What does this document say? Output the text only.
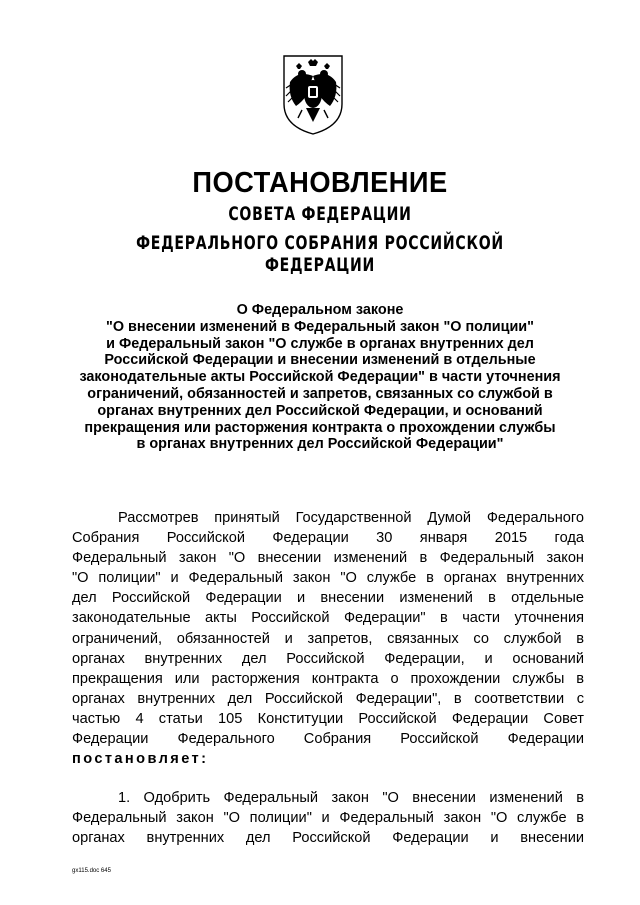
ПОСТАНОВЛЕНИЕ
СОВЕТА ФЕДЕРАЦИИ
ФЕДЕРАЛЬНОГО СОБРАНИЯ РОССИЙСКОЙ ФЕДЕРАЦИИ
О Федеральном законе
"О внесении изменений в Федеральный закон "О полиции"
и Федеральный закон "О службе в органах внутренних дел
Российской Федерации и внесении изменений в отдельные
законодательные акты Российской Федерации" в части уточнения
ограничений, обязанностей и запретов, связанных со службой в
органах внутренних дел Российской Федерации, и оснований
прекращения или расторжения контракта о прохождении службы
в органах внутренних дел Российской Федерации"
Рассмотрев принятый Государственной Думой Федерального
Собрания Российской Федерации 30 января 2015 года
Федеральный закон "О внесении изменений в Федеральный закон
"О полиции" и Федеральный закон "О службе в органах внутренних
дел Российской Федерации и внесении изменений в отдельные
законодательные акты Российской Федерации" в части уточнения
ограничений, обязанностей и запретов, связанных со службой в
органах внутренних дел Российской Федерации, и оснований
прекращения или расторжения контракта о прохождении службы в
органах внутренних дел Российской Федерации", в соответствии с
частью 4 статьи 105 Конституции Российской Федерации Совет
Федерации Федерального Собрания Российской Федерации
постановляет:
1. Одобрить Федеральный закон "О внесении изменений в
Федеральный закон "О полиции" и Федеральный закон "О службе в
органах внутренних дел Российской Федерации и внесении
gx115.doc 645
